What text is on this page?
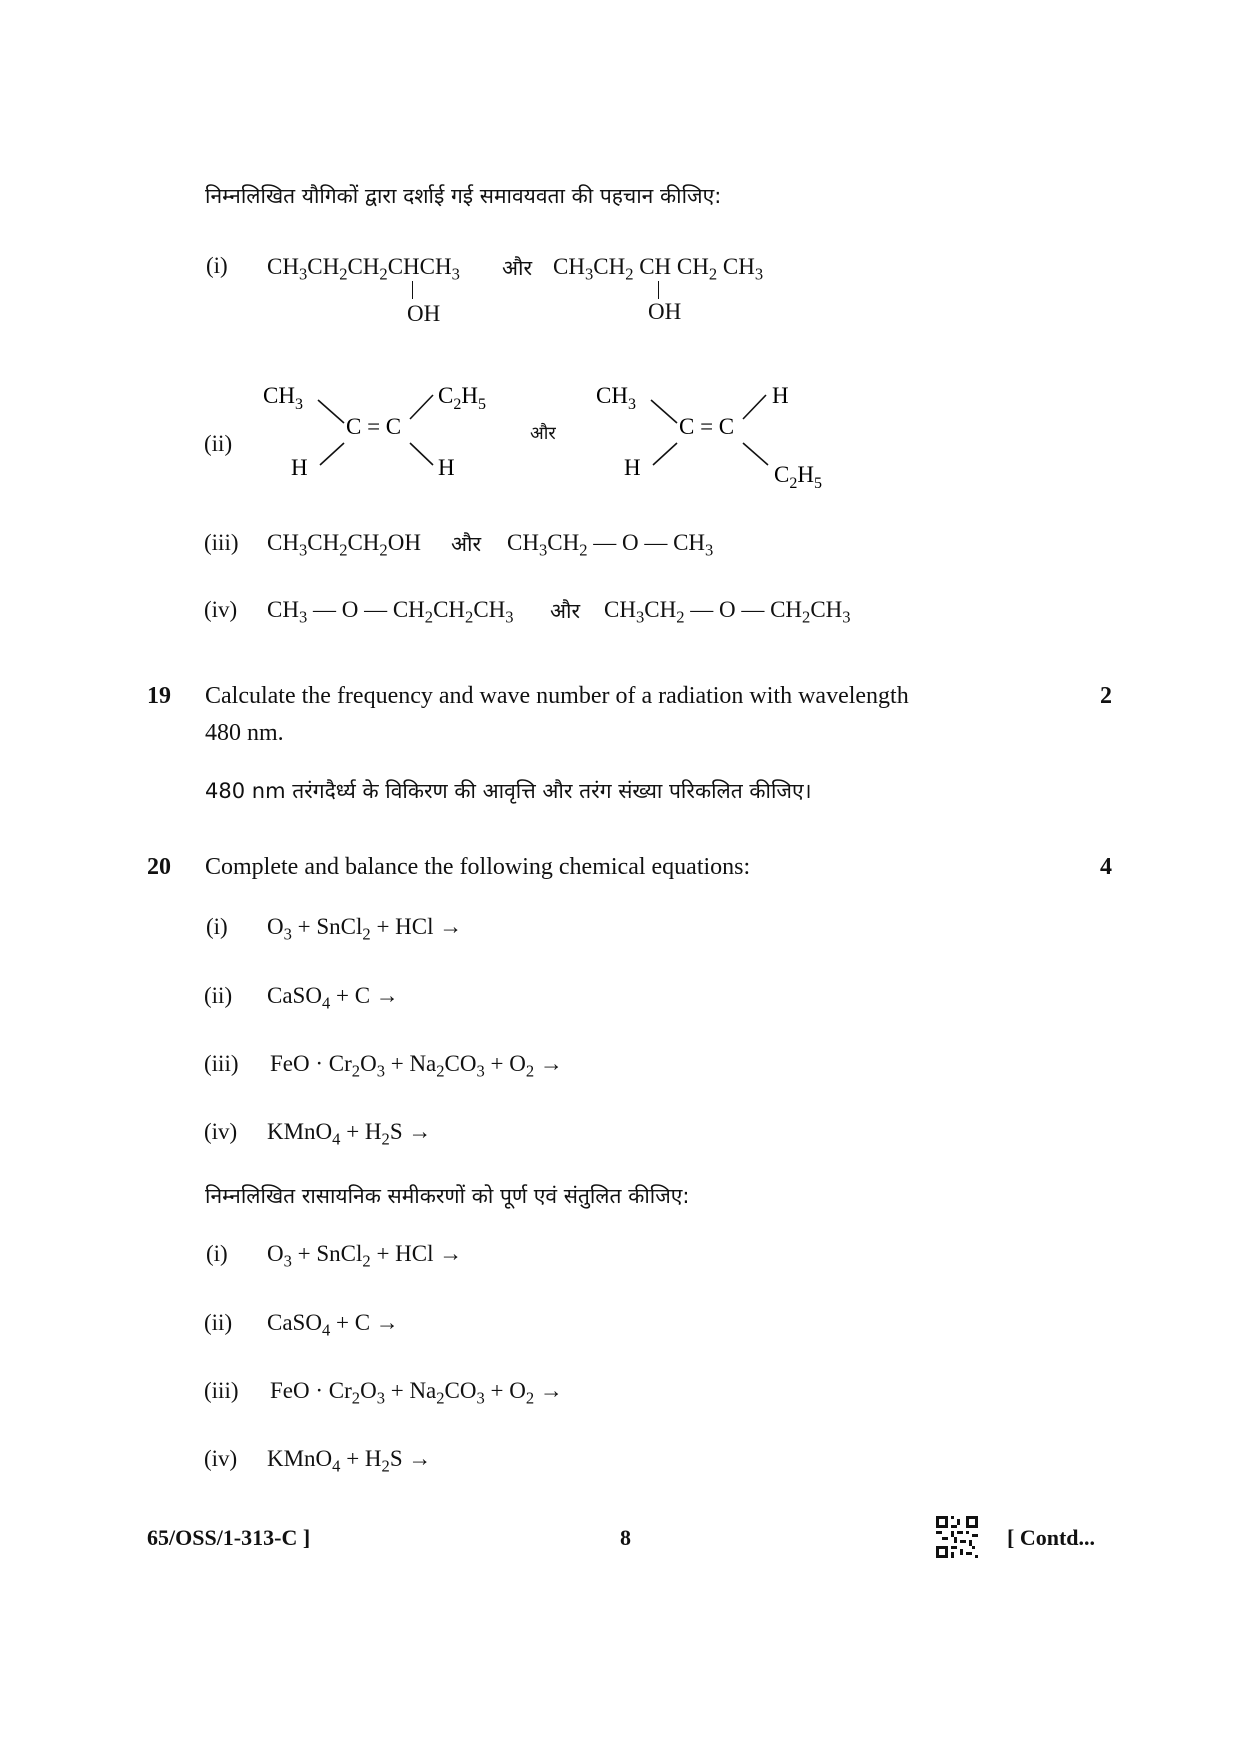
निम्नलिखित यौगिकों द्वारा दर्शाई गई समावयवता की पहचान कीजिए:
(i) $CH_3CH_2CH_2CHCH_3$ और $CH_3CH_2$ CH $CH_2$ $CH_3$
OH	OH
(ii)
$CH_3$
C = C
$C_2H_5$
H	H
$CH_3$
C = C
H
H	$C_2H_5$
और
(iii) $CH_3CH_2CH_2OH$ और $CH_3CH_2$ — O — $CH_3$
(iv) $CH_3$ — O — $CH_2CH_2CH_3$ और $CH_3CH_2$ — O — $CH_2CH_3$
19 Calculate the frequency and wave number of a radiation with wavelength
480 nm.
2
480 nm तरंगदैर्ध्य के विकिरण की आवृत्ति और तरंग संख्या परिकलित कीजिए।
20 Complete and balance the following chemical equations:	4
(i) $O_3$ + SnCl$_2$ + HCl →
(ii) CaSO$_4$ + C →
(iii) FeO · $Cr_2O_3 + Na_2CO_3 + O_2$ →
(iv) KMnO$_4$ + $H_2S$ →
निम्नलिखित रासायनिक समीकरणों को पूर्ण एवं संतुलित कीजिए:
(i) $O_3$ + SnCl$_2$ + HCl →
(ii) CaSO$_4$ + C →
(iii) FeO · $Cr_2O_3 + Na_2CO_3 + O_2$ →
(iv) KMnO$_4$ + $H_2S$ →
65/OSS/1-313-C ]	8	[ Contd...
